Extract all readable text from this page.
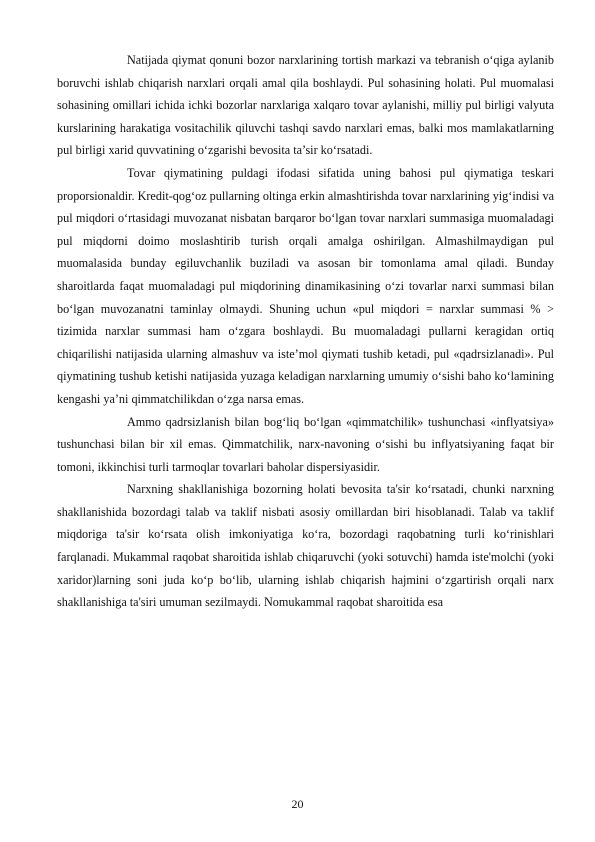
Natijada qiymat qonuni bozor narxlarining tortish markazi va tebranish o‘qiga aylanib boruvchi ishlab chiqarish narxlari orqali amal qila boshlaydi. Pul sohasining holati. Pul muomalasi sohasining omillari ichida ichki bozorlar narxlariga xalqaro tovar aylanishi, milliy pul birligi valyuta kurslarining harakatiga vositachilik qiluvchi tashqi savdo narxlari emas, balki mos mamlakatlarning pul birligi xarid quvvatining o‘zgarishi bevosita ta’sir ko‘rsatadi.

Tovar qiymatining puldagi ifodasi sifatida uning bahosi pul qiymatiga teskari proporsionaldir. Kredit-qog‘oz pullarning oltinga erkin almashtirishda tovar narxlarining yig‘indisi va pul miqdori o‘rtasidagi muvozanat nisbatan barqaror bo‘lgan tovar narxlari summasiga muomaladagi pul miqdorni doimo moslashtirib turish orqali amalga oshirilgan. Almashilmaydigan pul muomalasida bunday egiluvchanlik buziladi va asosan bir tomonlama amal qiladi. Bunday sharoitlarda faqat muomaladagi pul miqdorining dinamikasining o‘zi tovarlar narxi summasi bilan bo‘lgan muvozanatni taminlay olmaydi. Shuning uchun «pul miqdori = narxlar summasi % > tizimida narxlar summasi ham o‘zgara boshlaydi. Bu muomaladagi pullarni keragidan ortiq chiqarilishi natijasida ularning almashuv va iste’mol qiymati tushib ketadi, pul «qadrsizlanadi». Pul qiymatining tushub ketishi natijasida yuzaga keladigan narxlarning umumiy o‘sishi baho ko‘lamining kengashi ya’ni qimmatchilikdan o‘zga narsa emas.

Ammo qadrsizlanish bilan bog‘liq bo‘lgan «qimmatchilik» tushunchasi «inflyatsiya» tushunchasi bilan bir xil emas. Qimmatchilik, narx-navoning o‘sishi bu inflyatsiyaning faqat bir tomoni, ikkinchisi turli tarmoqlar tovarlari baholar dispersiyasidir.

Narxning shakllanishiga bozorning holati bevosita ta'sir ko‘rsatadi, chunki narxning shakllanishida bozordagi talab va taklif nisbati asosiy omillardan biri hisoblanadi. Talab va taklif miqdoriga ta'sir ko‘rsata olish imkoniyatiga ko‘ra, bozordagi raqobatning turli ko‘rinishlari farqlanadi. Mukammal raqobat sharoitida ishlab chiqaruvchi (yoki sotuvchi) hamda iste'molchi (yoki xaridor)larning soni juda ko‘p bo‘lib, ularning ishlab chiqarish hajmini o‘zgartirish orqali narx shakllanishiga ta'siri umuman sezilmaydi. Nomukammal raqobat sharoitida esa

20
